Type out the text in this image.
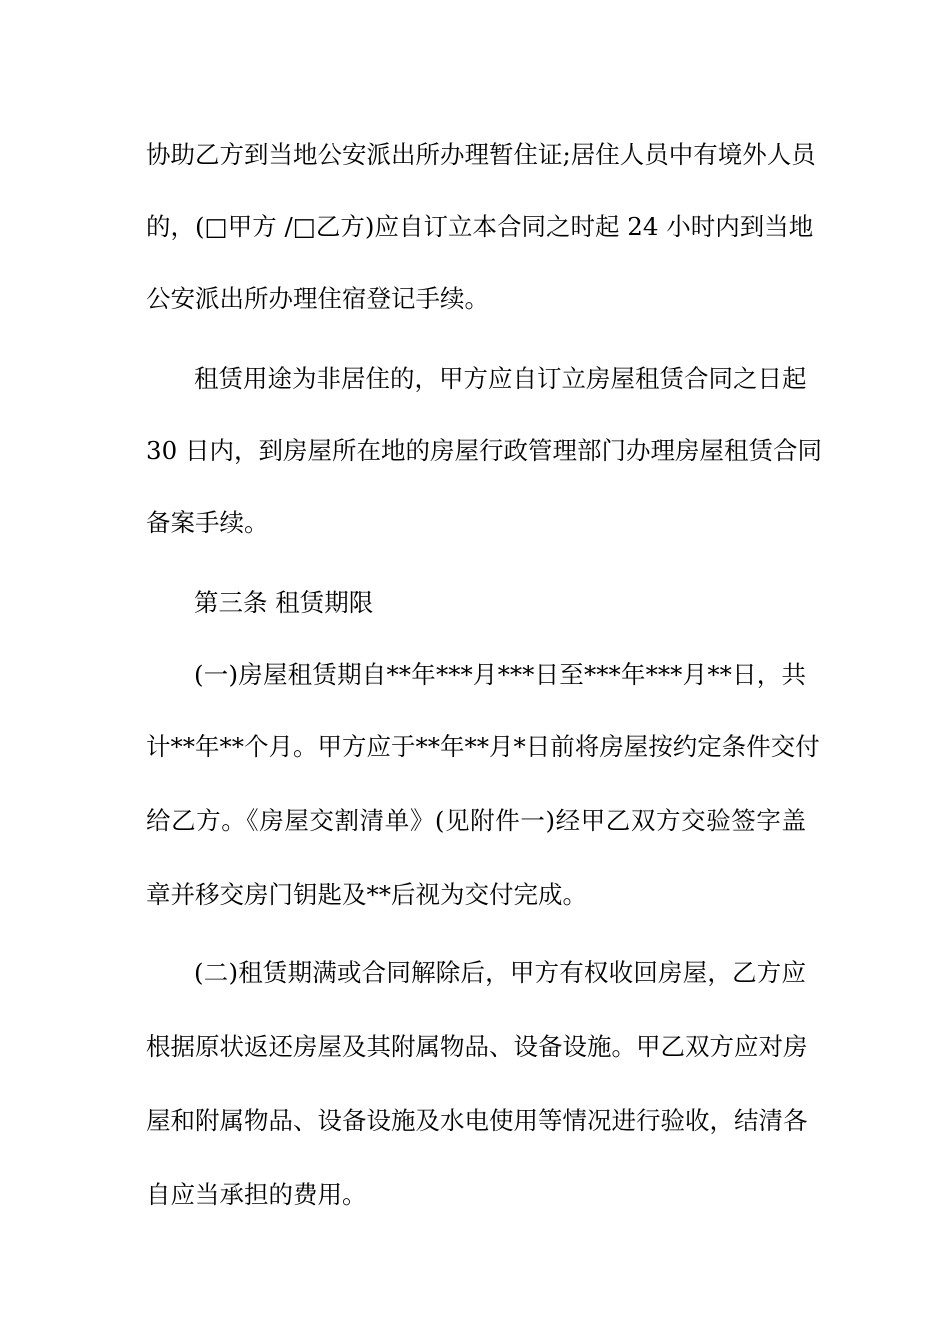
协助乙方到当地公安派出所办理暂住证;居住人员中有境外人员

的，(□甲方 /□乙方)应自订立本合同之时起 24 小时内到当地

公安派出所办理住宿登记手续。

租赁用途为非居住的，甲方应自订立房屋租赁合同之日起

30 日内，到房屋所在地的房屋行政管理部门办理房屋租赁合同

备案手续。

第三条 租赁期限

(一)房屋租赁期自**年***月***日至***年***月**日，共

计**年**个月。甲方应于**年**月*日前将房屋按约定条件交付

给乙方。《房屋交割清单》(见附件一)经甲乙双方交验签字盖

章并移交房门钥匙及**后视为交付完成。

(二)租赁期满或合同解除后，甲方有权收回房屋，乙方应

根据原状返还房屋及其附属物品、设备设施。甲乙双方应对房

屋和附属物品、设备设施及水电使用等情况进行验收，结清各

自应当承担的费用。
